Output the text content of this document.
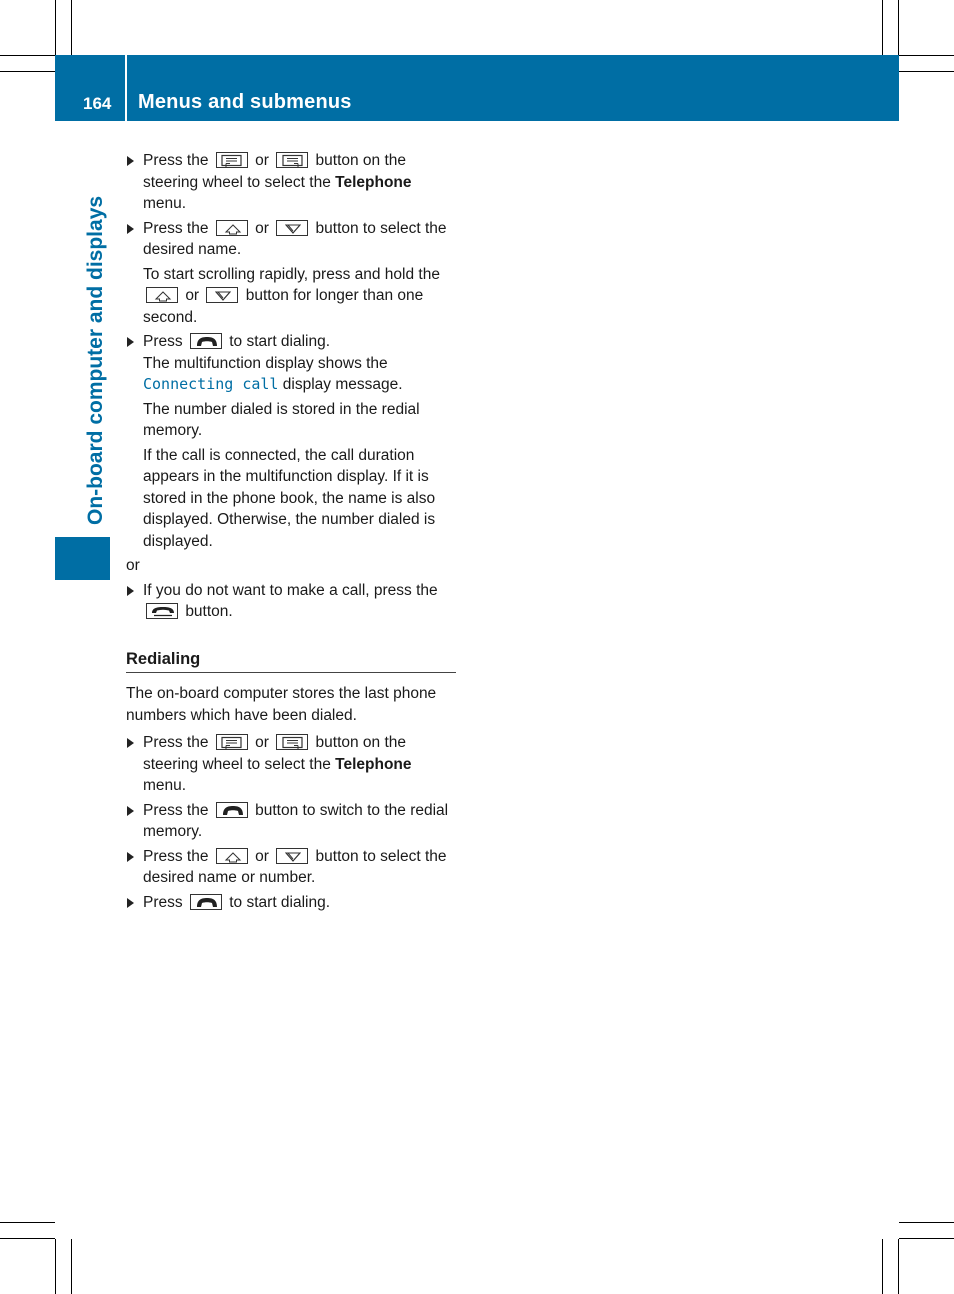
164 Menus and submenus
On-board computer and displays
Press the	or	button on the steering wheel to select the Telephone menu.
Press the	or	button to select the desired name.
To start scrolling rapidly, press and hold the
or	button for longer than one second.
Press	to start dialing.
The multifunction display shows the Connecting call display message.
The number dialed is stored in the redial memory.
If the call is connected, the call duration appears in the multifunction display. If it is stored in the phone book, the name is also displayed. Otherwise, the number dialed is displayed.
or
If you do not want to make a call, press the
button.
Redialing
The on-board computer stores the last phone numbers which have been dialed.
Press the	or	button on the steering wheel to select the Telephone menu.
Press the	button to switch to the redial memory.
Press the	or	button to select the desired name or number.
Press	to start dialing.
